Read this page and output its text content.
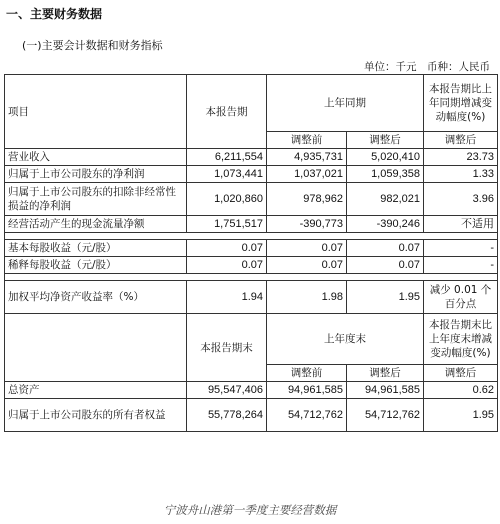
一、主要财务数据
(一)主要会计数据和财务指标
单位：千元　币种：人民币
项目	本报告期	上年同期		本报告期比上年同期增减变动幅度(%)
		调整前	调整后	调整后
营业收入	6,211,554	4,935,731	5,020,410	23.73
归属于上市公司股东的净利润	1,073,441	1,037,021	1,059,358	1.33
归属于上市公司股东的扣除非经常性损益的净利润	1,020,860	978,962	982,021	3.96
经营活动产生的现金流量净额	1,751,517	-390,773	-390,246	不适用

基本每股收益（元/股）	0.07	0.07	0.07	-
稀释每股收益（元/股）	0.07	0.07	0.07	-

加权平均净资产收益率（%）	1.94	1.98	1.95	减少 0.01 个百分点
	本报告期末	上年度末		本报告期末比上年度末增减变动幅度(%)
		调整前	调整后	调整后
总资产	95,547,406	94,961,585	94,961,585	0.62
归属于上市公司股东的所有者权益	55,778,264	54,712,762	54,712,762	1.95
宁波舟山港第一季度主要经营数据
